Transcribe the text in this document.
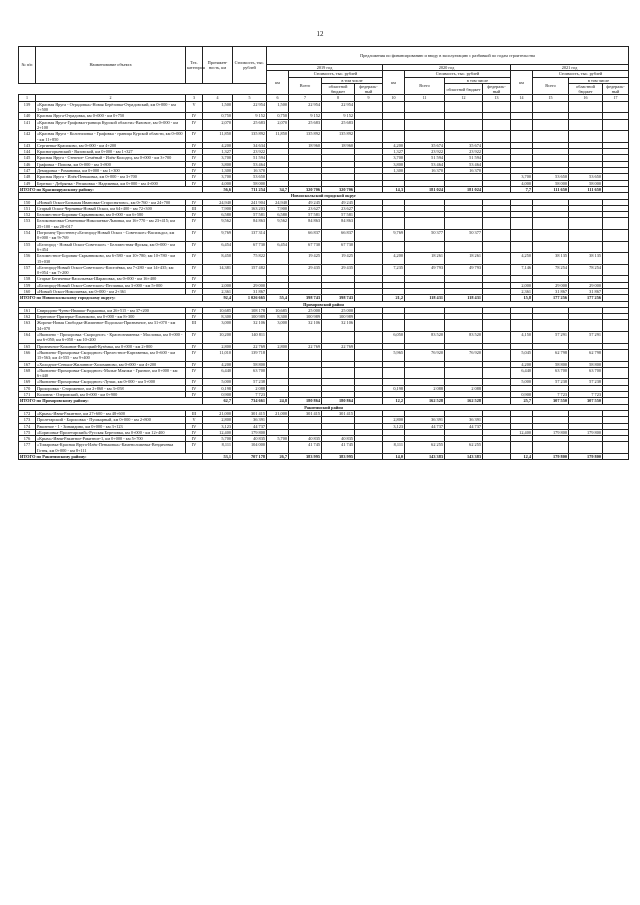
12
№ п/п	Наименование объекта	Тех. категория	Протяжен-ность, км	Стоимость, тыс. рублей	Предложения по финансированию и вводу в эксплуатацию с разбивкой по годам строительства											
					2019 год				2020 год				2021 год			
					км	Стоимость, тыс. рублей			км	Стоимость, тыс. рублей			км	Стоимость, тыс. рублей		
						Всего	в том числе			Всего	в том числе			Всего	в том числе	
							областной бюджет	федераль-ный			областной бюджет	федераль-ный			областной бюджет	федераль-ный
1	2	3	4	5	6	7	8	9	10	11	12	13	14	15	16	17
139	«Красная Яруга - Отрадовка»-Новая Берёзовка-Отрадовский, км 0+000 - км 1+500	V	1,500	22 954	1,500	22 954	22 954									
140	Красная Яруга-Отрадовка, км 0+000 - км 0+750	IV	0,750	9 152	0,750	9 152	9 152									
141	«Красная Яруга-Графовка-граница Курской области»-Вязовое, км 0+000 - км 2+100	IV	2,070	25 683	2,070	25 683	25 683									
142	«Красная Яруга - Колотиловка - Графовка - граница Курской области, км 0+000 - км 11+850	IV	11,850	135 892	11,850	135 892	135 892									
143	Сергиевка-Красиково, км 0+000 - км 4+200	IV	4,200	34 634		18 960	18 960		4,200	35 674	35 674					
144	Красногорьевский - Вязовской, км 0+000 - км 1+327	IV	1,327	23 922					1,327	23 922	23 922					
145	Красная Яруга - Степное- Семёный - Илёк-Колодец, км 0+000 - км 3+700	IV	3,700	51 594					3,700	51 594	51 594					
146	Графовка - Попова, км 0+000 - км 3+800	IV	3,800	53 464					3,800	53 464	53 464					
147	Демидовка - Романовка, км 0+000 - км 1+300	IV	1,300	16 370					1,300	16 370	16 370					
148	Красная Яруга - Илёк-Пеньковка, км 0+000 - км 3+700	IV	3,700	53 650									3,700	53 650	53 650	
149	Березки - Дебрянка - Репяховка - Надежевка, км 0+000 - км 4+000	IV	4,000	58 000									4,000	58 000	58 000	
ИТОГО по Краснояружскому району:			56,6	711 254	34,7	320 706	320 706		14,3	181 024	181 024		7,7	111 650	111 650	
Новооскольский городской округ																
150	«Новый Оскол-Большая Ивановка-Староснятово», км 0+760 - км 24+700	IV	24,940	241 904	24,940	49 245	49 245									
151	Старый Оскол-Чернянка-Новый Оскол, км 64+400 - км 72+300	III	7,900	163 203	7,900	23 627	23 627									
152	Беломестное-Боровик-Скрынниково, км 0+000 - км 6+580	IV	6,580	57 581	6,580	57 581	57 581									
153	Белоконаговка-Семеновка-Николаевка-Львовка, км 16+770 - км 23+415; км 25+100 - км 28+017	IV	9,562	84 863	9,562	84 863	84 863									
154	Погромец-Тростенец-«Белгород-Новый Оскол - Советское»-Васильдол, км 0+000 - км 9+769	IV	9,769	137 314		66 837	66 837		9,769	50 377	50 377					
155	«Белгород - Новый Оскол-Советское» - Беломестная-Ярская, км 0+000 - км 6+454	IV	6,454	67 730	6,454	67 730	67 730									
156	Беломестное-Боровик-Скрынниково, км 6+580 - км 10+780; км 10+780 - км 15+030	IV	8,450	75 822		19 425	19 425		4,200	18 261	18 261		4,250	38 135	38 135	
157	«Белгород-Новый Оскол-Советское»-Киселёвка, км 7+280 - км 14+435; км 0+054 - км 7+200	IV	14,381	157 482		29 435	29 435		7,235	49 793	49 793		7,146	78 254	78 254	
158	Старые Бегичевка-Васильевка-Шараповка, км 0+000 - км 16+400	IV														
159	«Белгород-Новый Оскол-Советское»-Песчанка, км 3+000 - км 5+000	IV	2,000	29 000									2,000	29 000	29 000	
160	«Новый Оскол-Николаевка, км 0+000 - км 2+361	IV	2,361	31 867									2,361	31 867	31 867	
ИТОГО по Новооскольскому городскому округу:			92,4	1 026 665	55,4	398 743	398 743		21,2	118 431	118 431		15,8	177 256	177 256	
Прохоровский район																
161	Свиридово-Чуево-Ивашко-Радьковка, км 26+515 - км 37+200	IV	10,685	108 178	10,685	25 000	25 000									
162	Береговое-Призерье-Ельниково, км 0+000 - км 8+300	IV	8,300	100 989	8,300	100 989	100 989									
163	Жорочи-Новая Свободка-Жилинное-Подольхи-Призначное, км 31+070 - км 34+070	III	3,000	32 106	3,000	32 106	32 106									
164	«Яковлево - Прохоровка -Скородное» - Краснознаменка - Масловка, км 0+000 - км 6+050; км 6+050 - км 10+200	IV	10,200	140 811					6,050	83 520	83 520		4,150	57 291	57 291	
165	Призначное-Кожанов-Высоцкий-Кузёмка, км 0+000 - км 2+800	IV	2,800	22 769	2,800	22 769	22 769									
166	«Яковлево-Прохоровка-Скородное»-Прелестное-Картавенка, км 0+600 - км 15+563; км 4+555 - км 9+400	IV	11,010	139 718					5,965	76 920	76 920		5,045	62 798	62 798	
167	«Холодное-Сеньки-Жилинное-Холоминово, км 0+000 - км 4+200	IV	4,200	58 800									4,200	58 800	58 800	
168	«Яковлево-Прохоровка-Скородное»-Малые Маячки - Грязное, км 0+000 - км 6+440	IV	6,440	63 700									6,440	63 700	63 700	
169	«Яковлево-Прохоровка-Скородное»-Лучки, км 0+000 - км 5+000	IV	5,000	57 238									5,000	57 238	57 238	
170	Прохоровка - Сторожевое, км 2+860 - км 3+058	IV	0,198	2 088					0,198	2 088	2 088					
171	Колонна - Озеровский, км 0+000 - км 0+900	IV	0,900	7 723									0,900	7 723	7 723	
ИТОГО по Прохоровскому району:			62,7	734 661	24,8	180 864	180 864		12,2	162 528	162 528		25,7	307 550	307 550	
Ракитянский район																
172	«Крым»-Ивня-Ракитное, км 27+600 - км 48+600	III	21,000	301 415	21,000	301 415	301 415									
173	Пролетарский - Борисовка - Пушкарный, км 0+000 - км 2+800	V	2,800	36 391					2,800	36 391	36 391					
174	Ракитное - 1 - Зинаидино, км 0+000 - км 3+123	IV	3,123	44 737					3,123	44 737	44 737					
175	«Борисовка-Пролетарский»-Русская Березовка, км 0+000 - км 12+400	IV	12,400	179 800									12,400	179 800	179 800	
176	«Крым»-Ивня-Ракитное-Ракитное-1, км 0+000 - км 5+700	IV	5,700	40 835	5,700	40 835	40 835									
177	«Томаровка-Красная Яруга-Илёк-Пеньковка»-Каменоложевка-Вендичевка Готня, км 0+000 - км 8+111	IV	8,111	104 000		41 745	41 745		8,111	62 255	62 255					
ИТОГО по Ракитянскому району:			53,1	707 178	26,7	383 995	383 995		14,0	143 383	143 383		12,4	179 800	179 800	
